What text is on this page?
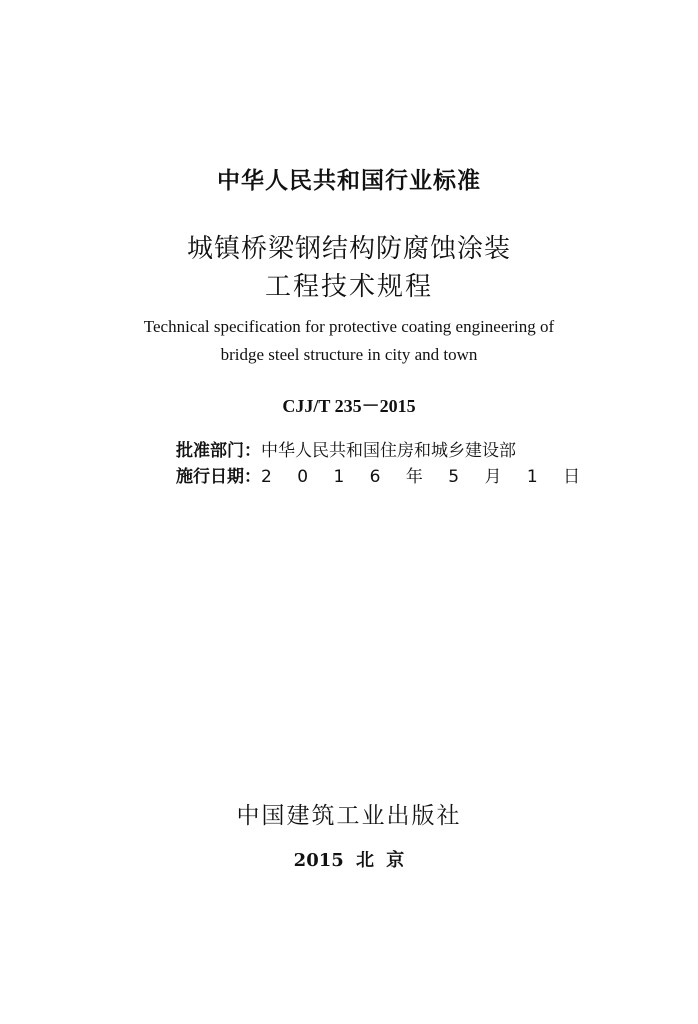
中华人民共和国行业标准
城镇桥梁钢结构防腐蚀涂装
工程技术规程
Technical specification for protective coating engineering of
bridge steel structure in city and town
CJJ/T 235－2015
批准部门：中华人民共和国住房和城乡建设部
施行日期：2 0 1 6 年 5 月 1 日
中国建筑工业出版社
2015 北 京
